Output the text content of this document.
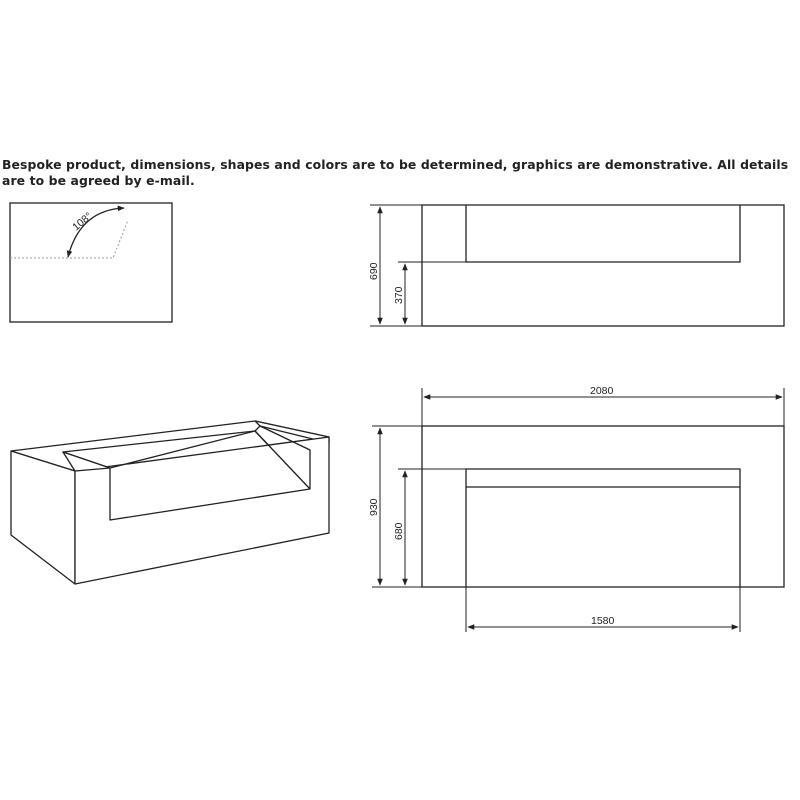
Bespoke product, dimensions, shapes and colors are to be determined, graphics are demonstrative. All details are to be agreed by e-mail.
108°
690
370
2080
930
680
1580
